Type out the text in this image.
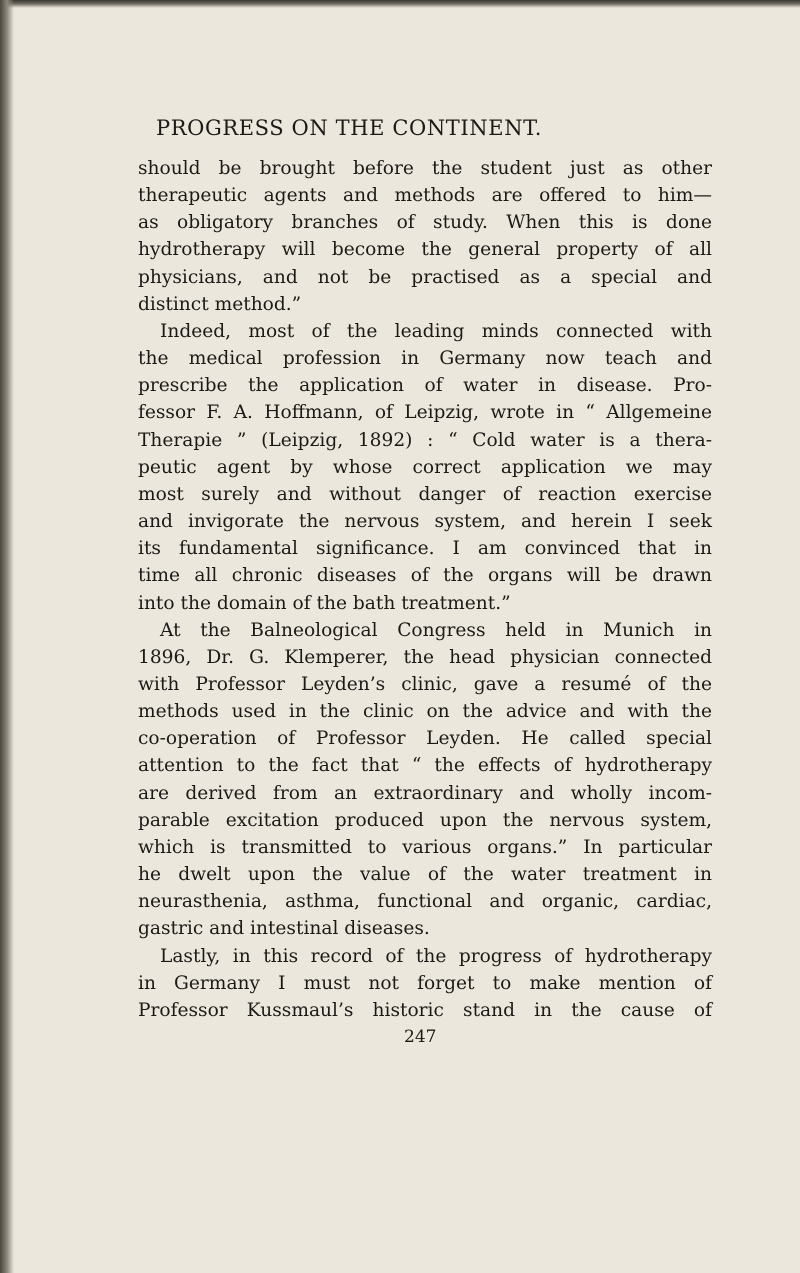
PROGRESS ON THE CONTINENT.
should be brought before the student just as other
therapeutic agents and methods are offered to him—
as obligatory branches of study. When this is done
hydrotherapy will become the general property of all
physicians, and not be practised as a special and
distinct method.”
Indeed, most of the leading minds connected with
the medical profession in Germany now teach and
prescribe the application of water in disease. Pro-
fessor F. A. Hoffmann, of Leipzig, wrote in “ Allgemeine
Therapie ” (Leipzig, 1892) : “ Cold water is a thera-
peutic agent by whose correct application we may
most surely and without danger of reaction exercise
and invigorate the nervous system, and herein I seek
its fundamental significance. I am convinced that in
time all chronic diseases of the organs will be drawn
into the domain of the bath treatment.”
At the Balneological Congress held in Munich in
1896, Dr. G. Klemperer, the head physician connected
with Professor Leyden’s clinic, gave a resumé of the
methods used in the clinic on the advice and with the
co-operation of Professor Leyden. He called special
attention to the fact that “ the effects of hydrotherapy
are derived from an extraordinary and wholly incom-
parable excitation produced upon the nervous system,
which is transmitted to various organs.” In particular
he dwelt upon the value of the water treatment in
neurasthenia, asthma, functional and organic, cardiac,
gastric and intestinal diseases.
Lastly, in this record of the progress of hydrotherapy
in Germany I must not forget to make mention of
Professor Kussmaul’s historic stand in the cause of
247
